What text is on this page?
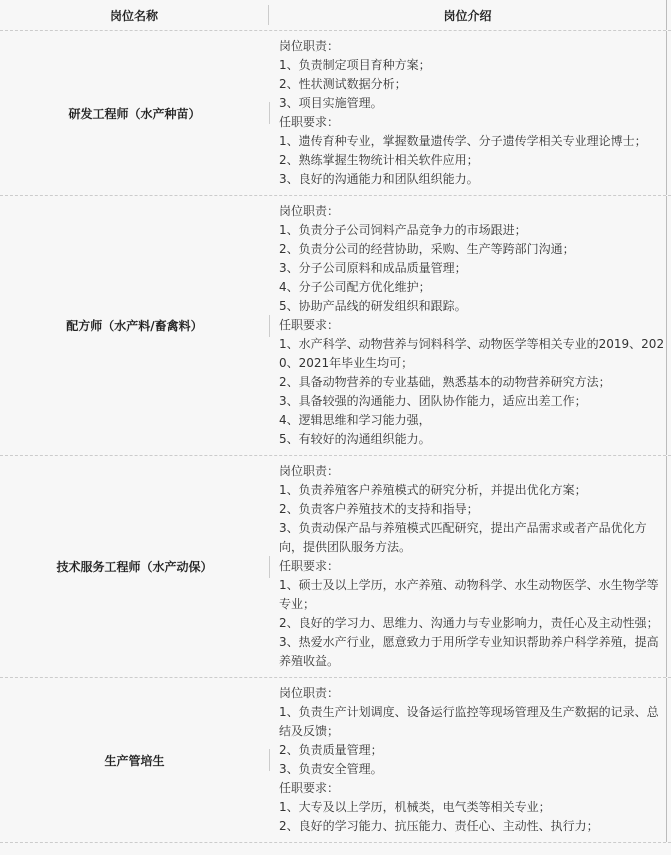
岗位名称	岗位介绍
研发工程师（水产种苗）
岗位职责：
1、负责制定项目育种方案；
2、性状测试数据分析；
3、项目实施管理。
任职要求：
1、遗传育种专业，掌握数量遗传学、分子遗传学相关专业理论博士；
2、熟练掌握生物统计相关软件应用；
3、良好的沟通能力和团队组织能力。
配方师（水产料/畜禽料）
岗位职责：
1、负责分子公司饲料产品竞争力的市场跟进；
2、负责分公司的经营协助，采购、生产等跨部门沟通；
3、分子公司原料和成品质量管理；
4、分子公司配方优化维护；
5、协助产品线的研发组织和跟踪。
任职要求：
1、水产科学、动物营养与饲料科学、动物医学等相关专业的2019、2020、2021年毕业生均可；
2、具备动物营养的专业基础，熟悉基本的动物营养研究方法；
3、具备较强的沟通能力、团队协作能力，适应出差工作；
4、逻辑思维和学习能力强，
5、有较好的沟通组织能力。
技术服务工程师（水产动保）
岗位职责：
1、负责养殖客户养殖模式的研究分析，并提出优化方案；
2、负责客户养殖技术的支持和指导；
3、负责动保产品与养殖模式匹配研究，提出产品需求或者产品优化方向，提供团队服务方法。
任职要求：
1、硕士及以上学历，水产养殖、动物科学、水生动物医学、水生物学等专业；
2、良好的学习力、思维力、沟通力与专业影响力，责任心及主动性强；
3、热爱水产行业，愿意致力于用所学专业知识帮助养户科学养殖，提高养殖收益。
生产管培生
岗位职责：
1、负责生产计划调度、设备运行监控等现场管理及生产数据的记录、总结及反馈；
2、负责质量管理；
3、负责安全管理。
任职要求：
1、大专及以上学历，机械类，电气类等相关专业；
2、良好的学习能力、抗压能力、责任心、主动性、执行力；
